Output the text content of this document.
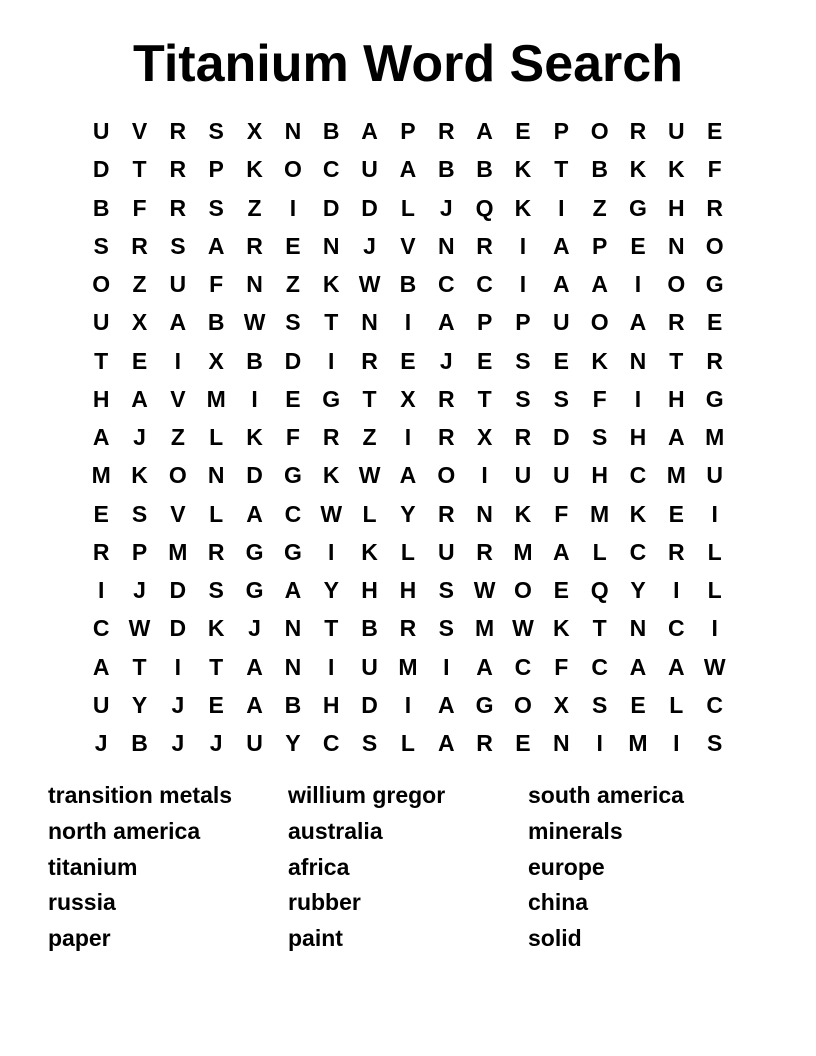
Titanium Word Search
U V R S	X N B A P R A E	P O R U E
D	T	R P K O C U A B B K	T	B K K	F
B	F	R S	Z	I	D D	L	J	Q K	I	Z G H R
S R S A R E N	J	V N R	I	A P	E N O
O Z	U	F	N	Z	K W B C C	I	A A	I	O G
U X A B W S	T	N	I	A P	P U O A R E
T	E	I	X B D	I	R E	J	E	S	E K N	T	R
H A V M	I	E G T	X R	T	S	S	F	I	H G
A	J	Z	L	K	F	R	Z	I	R X R D S H A M
M K O N D G K W A O	I	U U H C M U
E	S	V	L	A C W L	Y R N K	F M K E	I
R P M R G G	I	K	L	U R M A	L	C R	L
I	J	D S G A Y H H S W O E Q Y	I	L
C W D K	J	N	T	B R S M W K	T	N C	I
A	T	I	T	A N	I	U M	I	A C	F	C A A W
U Y	J	E A B H D	I	A G O X	S	E	L	C
J	B	J	J	U Y C S	L	A R E N	I	M	I	S
transition metals
north america
titanium
russia
paper
willium gregor
australia
africa
rubber
paint
south america
minerals
europe
china
solid
